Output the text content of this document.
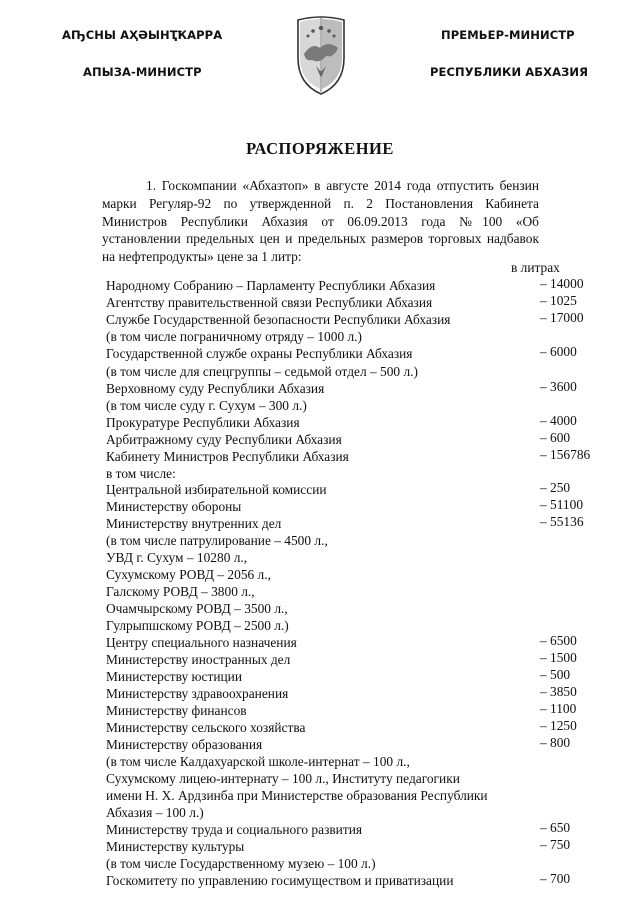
АҦСНЫ АҲӘЫНҬҞАРРА
АПЫЗА-МИНИСТР
ПРЕМЬЕР-МИНИСТР
РЕСПУБЛИКИ АБХАЗИЯ
РАСПОРЯЖЕНИЕ
1. Госкомпании «Абхазтоп» в августе 2014 года отпустить бензин марки Регуляр-92 по утвержденной п. 2 Постановления Кабинета Министров Республики Абхазия от 06.09.2013 года №100 «Об установлении предельных цен и предельных размеров торговых надбавок на нефтепродукты» цене за 1 литр:
в литрах
Народному Собранию – Парламенту Республики Абхазия	– 14000
Агентству правительственной связи Республики Абхазия	– 1025
Службе Государственной безопасности Республики Абхазия	– 17000
(в том числе пограничному отряду – 1000 л.)
Государственной службе охраны Республики Абхазия	– 6000
(в том числе для спецгруппы – седьмой отдел – 500 л.)
Верховному суду Республики Абхазия	– 3600
(в том числе суду г. Сухум – 300 л.)
Прокуратуре Республики Абхазия	– 4000
Арбитражному суду Республики Абхазия	– 600
Кабинету Министров Республики Абхазия	– 156786
в том числе:
Центральной избирательной комиссии	– 250
Министерству обороны	– 51100
Министерству внутренних дел	– 55136
(в том числе патрулирование – 4500 л.,
УВД г. Сухум – 10280 л.,
Сухумскому РОВД – 2056 л.,
Галскому РОВД – 3800 л.,
Очамчырскому РОВД – 3500 л.,
Гулрыпшскому РОВД – 2500 л.)
Центру специального назначения	– 6500
Министерству иностранных дел	– 1500
Министерству юстиции	– 500
Министерству здравоохранения	– 3850
Министерству финансов	– 1100
Министерству сельского хозяйства	– 1250
Министерству образования	– 800
(в том числе Калдахуарской школе-интернат – 100 л.,
Сухумскому лицею-интернату – 100 л., Институту педагогики
имени Н. Х. Ардзинба при Министерстве образования Республики
Абхазия – 100 л.)
Министерству труда и социального развития	– 650
Министерству культуры	– 750
(в том числе Государственному музею – 100 л.)
Госкомитету по управлению госимуществом и приватизации	– 700
